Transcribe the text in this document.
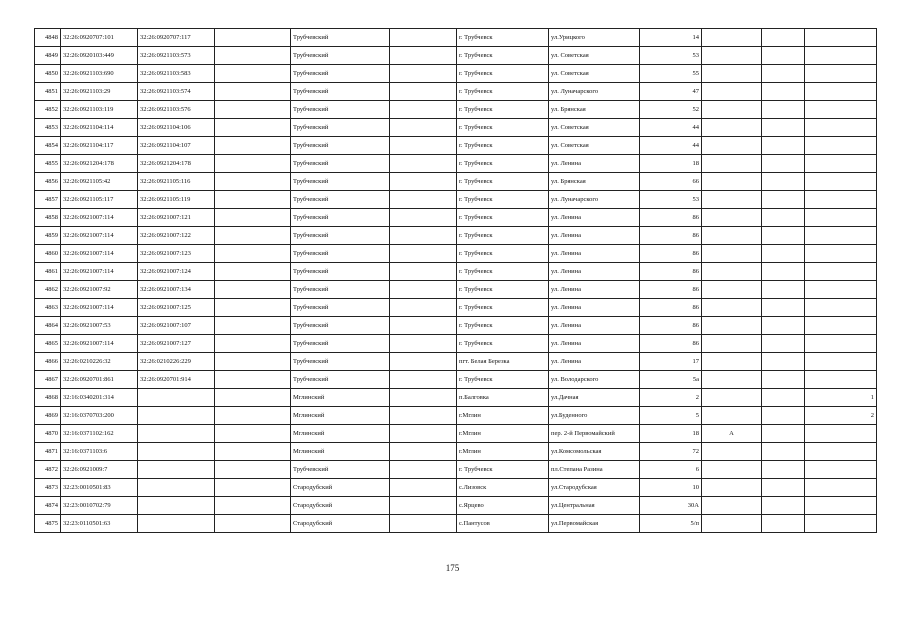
4848	32:26:0920707:101	32:26:0920707:117		Трубчевский		г. Трубчевск	ул.Урицкого	14			
4849	32:26:0920103:449	32:26:0921103:573		Трубчевский		г. Трубчевск	ул. Советская	53			
4850	32:26:0921103:690	32:26:0921103:583		Трубчевский		г. Трубчевск	ул. Советская	55			
4851	32:26:0921103:29	32:26:0921103:574		Трубчевский		г. Трубчевск	ул. Луначарского	47			
4852	32:26:0921103:119	32:26:0921103:576		Трубчевский		г. Трубчевск	ул. Брянская	52			
4853	32:26:0921104:114	32:26:0921104:106		Трубчевский		г. Трубчевск	ул. Советская	44			
4854	32:26:0921104:117	32:26:0921104:107		Трубчевский		г. Трубчевск	ул. Советская	44			
4855	32:26:0921204:178	32:26:0921204:178		Трубчевский		г. Трубчевск	ул. Ленина	18			
4856	32:26:0921105:42	32:26:0921105:116		Трубчевский		г. Трубчевск	ул. Брянская	66			
4857	32:26:0921105:117	32:26:0921105:119		Трубчевский		г. Трубчевск	ул. Луначарского	53			
4858	32:26:0921007:114	32:26:0921007:121		Трубчевский		г. Трубчевск	ул. Ленина	86			
4859	32:26:0921007:114	32:26:0921007:122		Трубчевский		г. Трубчевск	ул. Ленина	86			
4860	32:26:0921007:114	32:26:0921007:123		Трубчевский		г. Трубчевск	ул. Ленина	86			
4861	32:26:0921007:114	32:26:0921007:124		Трубчевский		г. Трубчевск	ул. Ленина	86			
4862	32:26:0921007:92	32:26:0921007:134		Трубчевский		г. Трубчевск	ул. Ленина	86			
4863	32:26:0921007:114	32:26:0921007:125		Трубчевский		г. Трубчевск	ул. Ленина	86			
4864	32:26:0921007:53	32:26:0921007:107		Трубчевский		г. Трубчевск	ул. Ленина	86			
4865	32:26:0921007:114	32:26:0921007:127		Трубчевский		г. Трубчевск	ул. Ленина	86			
4866	32:26:0210226:32	32:26:0210226:229		Трубчевский		пгт. Белая Березка	ул. Ленина	17			
4867	32:26:0920701:861	32:26:0920701:914		Трубчевский		г. Трубчевск	ул. Володарского	5а			
4868	32:16:0340201:314			Мглинский		п.Балговка	ул.Дачная	2			1
4869	32:16:0370703:200			Мглинский		г.Мглин	ул.Буденного	5			2
4870	32:16:0371102:162			Мглинский		г.Мглин	пер. 2-й Первомайский	18	А		
4871	32:16:0371103:6			Мглинский		г.Мглин	ул.Комсомольская	72			
4872	32:26:0921009:7			Трубчевский		г. Трубчевск	пл.Степана Разина	6			
4873	32:23:0010501:83			Стародубский		с.Лизовск	ул.Стародубская	10			
4874	32:23:0010702:79			Стародубский		с.Ярцево	ул.Центральная	30А			
4875	32:23:0110501:63			Стародубский		с.Пантусов	ул.Первомайская	5/п			
175
